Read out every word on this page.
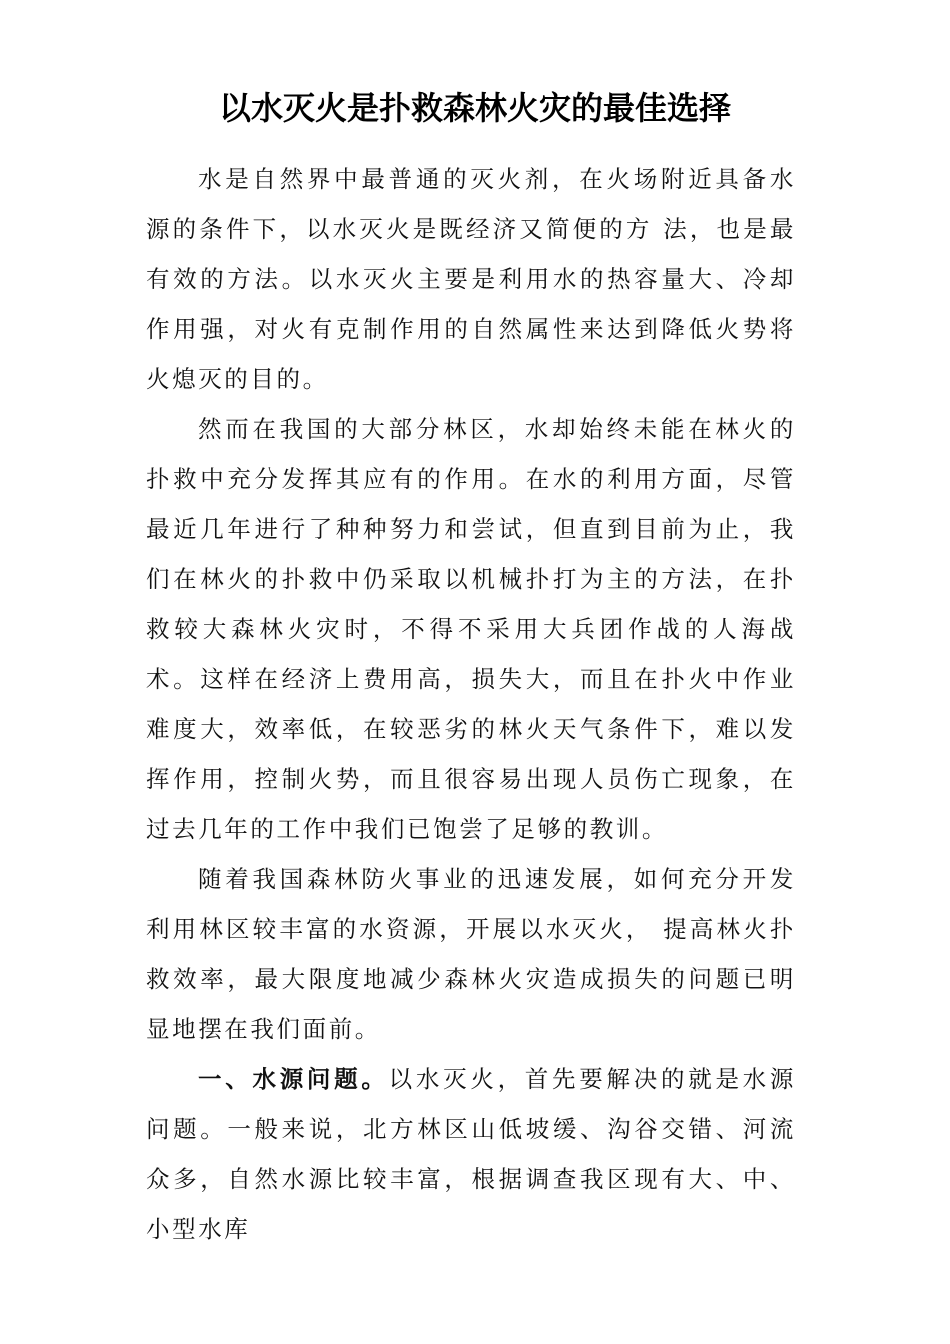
以水灭火是扑救森林火灾的最佳选择

水是自然界中最普通的灭火剂，在火场附近具备水源的条件下，以水灭火是既经济又简便的方 法，也是最有效的方法。以水灭火主要是利用水的热容量大、冷却作用强，对火有克制作用的自然属性来达到降低火势将火熄灭的目的。

然而在我国的大部分林区，水却始终未能在林火的扑救中充分发挥其应有的作用。在水的利用方面，尽管最近几年进行了种种努力和尝试，但直到目前为止，我们在林火的扑救中仍采取以机械扑打为主的方法，在扑救较大森林火灾时，不得不采用大兵团作战的人海战术。这样在经济上费用高，损失大，而且在扑火中作业难度大，效率低，在较恶劣的林火天气条件下，难以发挥作用，控制火势，而且很容易出现人员伤亡现象，在过去几年的工作中我们已饱尝了足够的教训。

随着我国森林防火事业的迅速发展，如何充分开发利用林区较丰富的水资源，开展以水灭火， 提高林火扑救效率，最大限度地减少森林火灾造成损失的问题已明显地摆在我们面前。

一、水源问题。以水灭火，首先要解决的就是水源问题。一般来说，北方林区山低坡缓、沟谷交错、河流众多，自然水源比较丰富，根据调查我区现有大、中、小型水库
